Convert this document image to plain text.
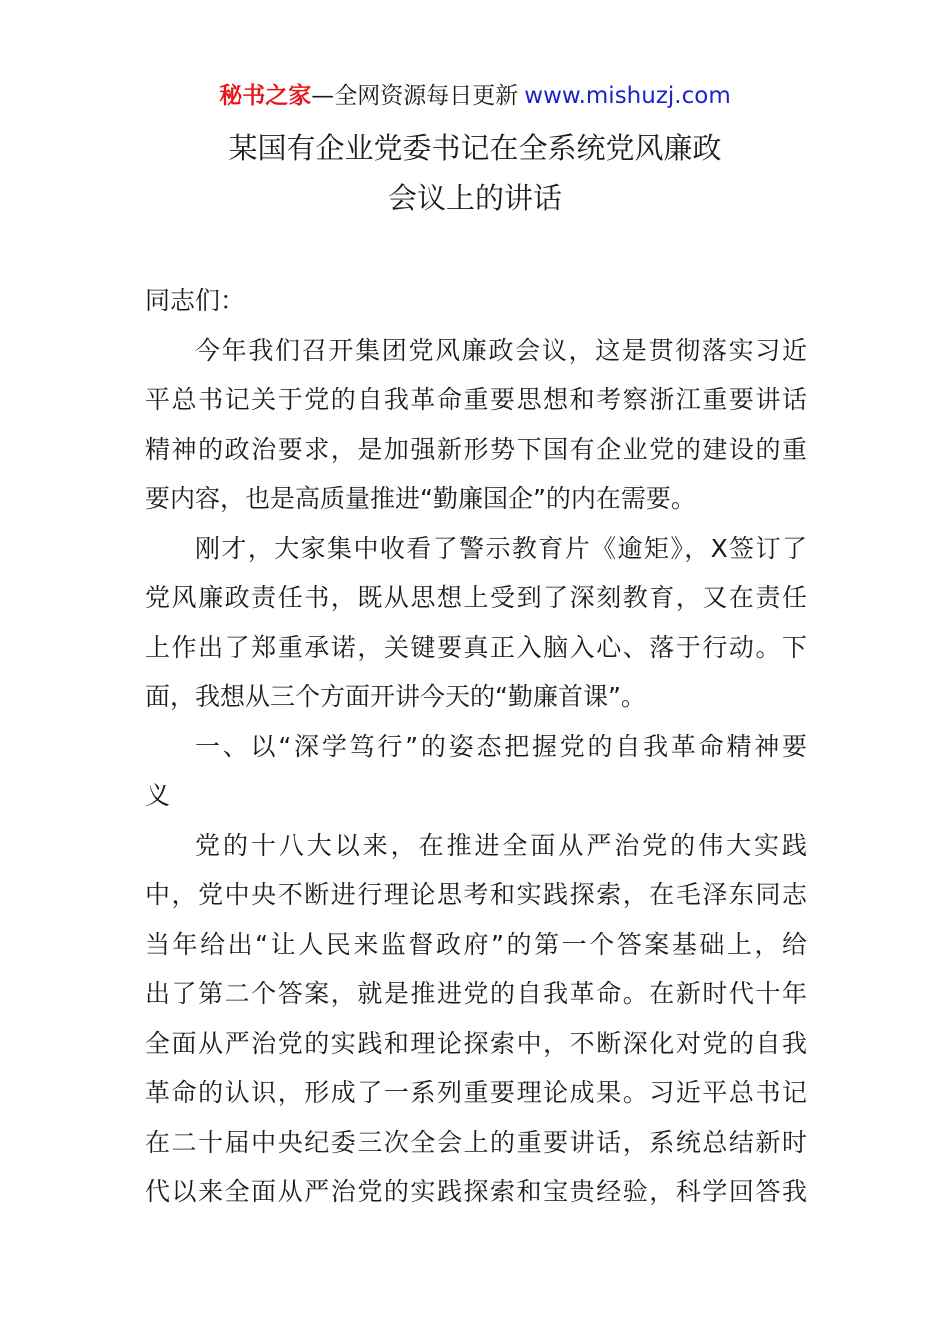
秘书之家—全网资源每日更新 www.mishuzj.com
某国有企业党委书记在全系统党风廉政
会议上的讲话
同志们：
今年我们召开集团党风廉政会议，这是贯彻落实习近
平总书记关于党的自我革命重要思想和考察浙江重要讲话
精神的政治要求，是加强新形势下国有企业党的建设的重
要内容，也是高质量推进“勤廉国企”的内在需要。
刚才，大家集中收看了警示教育片《逾矩》，X签订了
党风廉政责任书，既从思想上受到了深刻教育，又在责任
上作出了郑重承诺，关键要真正入脑入心、落于行动。下
面，我想从三个方面开讲今天的“勤廉首课”。
一、以“深学笃行”的姿态把握党的自我革命精神要
义
党的十八大以来，在推进全面从严治党的伟大实践
中，党中央不断进行理论思考和实践探索，在毛泽东同志
当年给出“让人民来监督政府”的第一个答案基础上，给
出了第二个答案，就是推进党的自我革命。在新时代十年
全面从严治党的实践和理论探索中，不断深化对党的自我
革命的认识，形成了一系列重要理论成果。习近平总书记
在二十届中央纪委三次全会上的重要讲话，系统总结新时
代以来全面从严治党的实践探索和宝贵经验，科学回答我
